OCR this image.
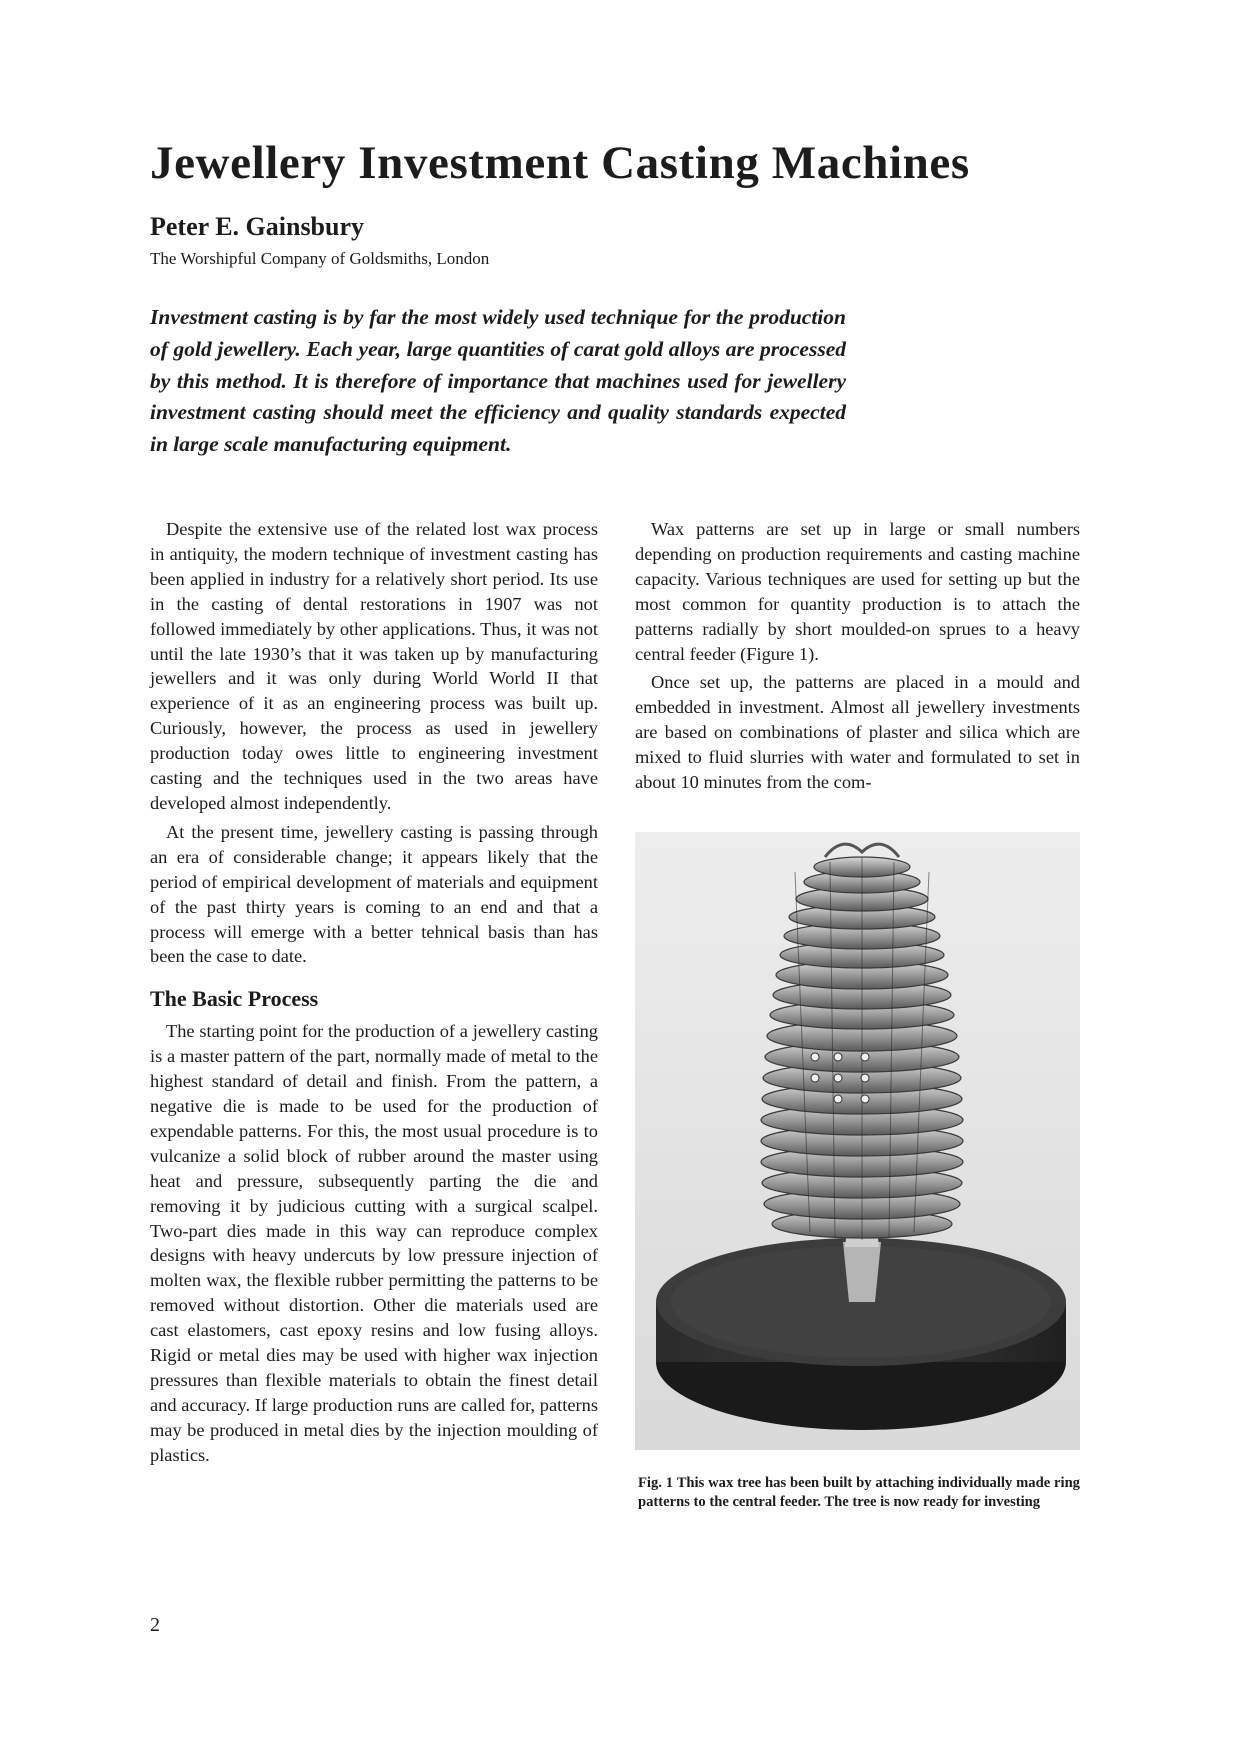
Jewellery Investment Casting Machines
Peter E. Gainsbury
The Worshipful Company of Goldsmiths, London

Investment casting is by far the most widely used technique for the production of gold jewellery. Each year, large quantities of carat gold alloys are processed by this method. It is therefore of importance that machines used for jewellery investment casting should meet the efficiency and quality standards expected in large scale manufacturing equipment.

Despite the extensive use of the related lost wax process in antiquity, the modern technique of investment casting has been applied in industry for a relatively short period. Its use in the casting of dental restorations in 1907 was not followed immediately by other applications. Thus, it was not until the late 1930’s that it was taken up by manufacturing jewellers and it was only during World World II that experience of it as an engineering process was built up. Curiously, however, the process as used in jewellery production today owes little to engineering investment casting and the techniques used in the two areas have developed almost independently.

At the present time, jewellery casting is passing through an era of considerable change; it appears likely that the period of empirical development of materials and equipment of the past thirty years is coming to an end and that a process will emerge with a better tehnical basis than has been the case to date.

The Basic Process

The starting point for the production of a jewellery casting is a master pattern of the part, normally made of metal to the highest standard of detail and finish. From the pattern, a negative die is made to be used for the production of expendable patterns. For this, the most usual procedure is to vulcanize a solid block of rubber around the master using heat and pressure, subsequently parting the die and removing it by judicious cutting with a surgical scalpel. Two-part dies made in this way can reproduce complex designs with heavy undercuts by low pressure injection of molten wax, the flexible rubber permitting the patterns to be removed without distortion. Other die materials used are cast elastomers, cast epoxy resins and low fusing alloys. Rigid or metal dies may be used with higher wax injection pressures than flexible materials to obtain the finest detail and accuracy. If large production runs are called for, patterns may be produced in metal dies by the injection moulding of plastics.

Wax patterns are set up in large or small numbers depending on production requirements and casting machine capacity. Various techniques are used for setting up but the most common for quantity production is to attach the patterns radially by short moulded-on sprues to a heavy central feeder (Figure 1).

Once set up, the patterns are placed in a mould and embedded in investment. Almost all jewellery investments are based on combinations of plaster and silica which are mixed to fluid slurries with water and formulated to set in about 10 minutes from the com-

Fig. 1 This wax tree has been built by attaching individually made ring patterns to the central feeder. The tree is now ready for investing

2
